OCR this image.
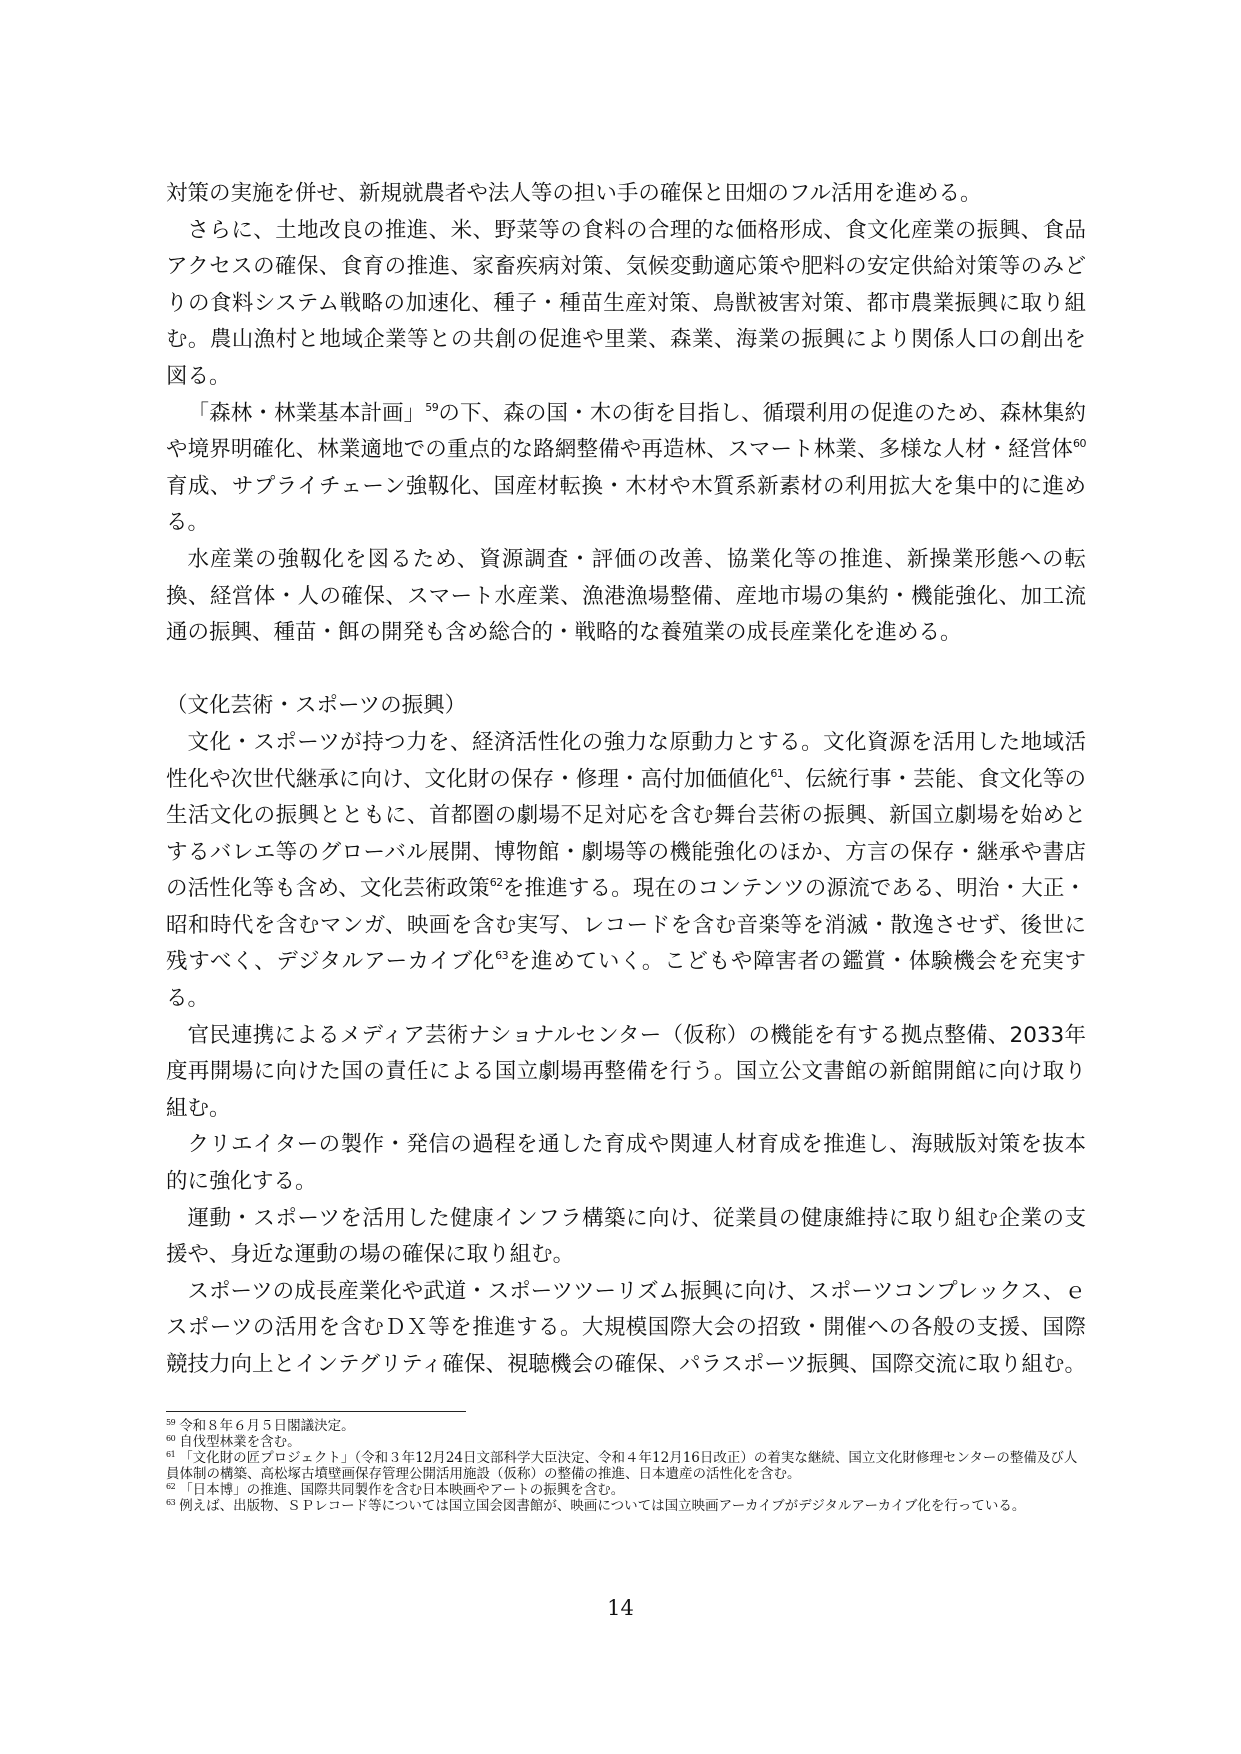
対策の実施を併せ、新規就農者や法人等の担い手の確保と田畑のフル活用を進める。

さらに、土地改良の推進、米、野菜等の食料の合理的な価格形成、食文化産業の振興、食品アクセスの確保、食育の推進、家畜疾病対策、気候変動適応策や肥料の安定供給対策等のみどりの食料システム戦略の加速化、種子・種苗生産対策、鳥獣被害対策、都市農業振興に取り組む。農山漁村と地域企業等との共創の促進や里業、森業、海業の振興により関係人口の創出を図る。

「森林・林業基本計画」$^{59}$の下、森の国・木の街を目指し、循環利用の促進のため、森林集約や境界明確化、林業適地での重点的な路網整備や再造林、スマート林業、多様な人材・経営体$^{60}$育成、サプライチェーン強靱化、国産材転換・木材や木質系新素材の利用拡大を集中的に進める。

水産業の強靱化を図るため、資源調査・評価の改善、協業化等の推進、新操業形態への転換、経営体・人の確保、スマート水産業、漁港漁場整備、産地市場の集約・機能強化、加工流通の振興、種苗・餌の開発も含め総合的・戦略的な養殖業の成長産業化を進める。

（文化芸術・スポーツの振興）

文化・スポーツが持つ力を、経済活性化の強力な原動力とする。文化資源を活用した地域活性化や次世代継承に向け、文化財の保存・修理・高付加価値化$^{61}$、伝統行事・芸能、食文化等の生活文化の振興とともに、首都圏の劇場不足対応を含む舞台芸術の振興、新国立劇場を始めとするバレエ等のグローバル展開、博物館・劇場等の機能強化のほか、方言の保存・継承や書店の活性化等も含め、文化芸術政策$^{62}$を推進する。現在のコンテンツの源流である、明治・大正・昭和時代を含むマンガ、映画を含む実写、レコードを含む音楽等を消滅・散逸させず、後世に残すべく、デジタルアーカイブ化$^{63}$を進めていく。こどもや障害者の鑑賞・体験機会を充実する。

官民連携によるメディア芸術ナショナルセンター（仮称）の機能を有する拠点整備、2033年度再開場に向けた国の責任による国立劇場再整備を行う。国立公文書館の新館開館に向け取り組む。

クリエイターの製作・発信の過程を通した育成や関連人材育成を推進し、海賊版対策を抜本的に強化する。

運動・スポーツを活用した健康インフラ構築に向け、従業員の健康維持に取り組む企業の支援や、身近な運動の場の確保に取り組む。

スポーツの成長産業化や武道・スポーツツーリズム振興に向け、スポーツコンプレックス、ｅスポーツの活用を含むＤＸ等を推進する。大規模国際大会の招致・開催への各般の支援、国際競技力向上とインテグリティ確保、視聴機会の確保、パラスポーツ振興、国際交流に取り組む。

$^{59}$ 令和８年６月５日閣議決定。

$^{60}$ 自伐型林業を含む。

$^{61}$ 「文化財の匠プロジェクト」（令和３年12月24日文部科学大臣決定、令和４年12月16日改正）の着実な継続、国立文化財修理センターの整備及び人員体制の構築、高松塚古墳壁画保存管理公開活用施設（仮称）の整備の推進、日本遺産の活性化を含む。

$^{62}$ 「日本博」の推進、国際共同製作を含む日本映画やアートの振興を含む。

$^{63}$ 例えば、出版物、ＳＰレコード等については国立国会図書館が、映画については国立映画アーカイブがデジタルアーカイブ化を行っている。

14
